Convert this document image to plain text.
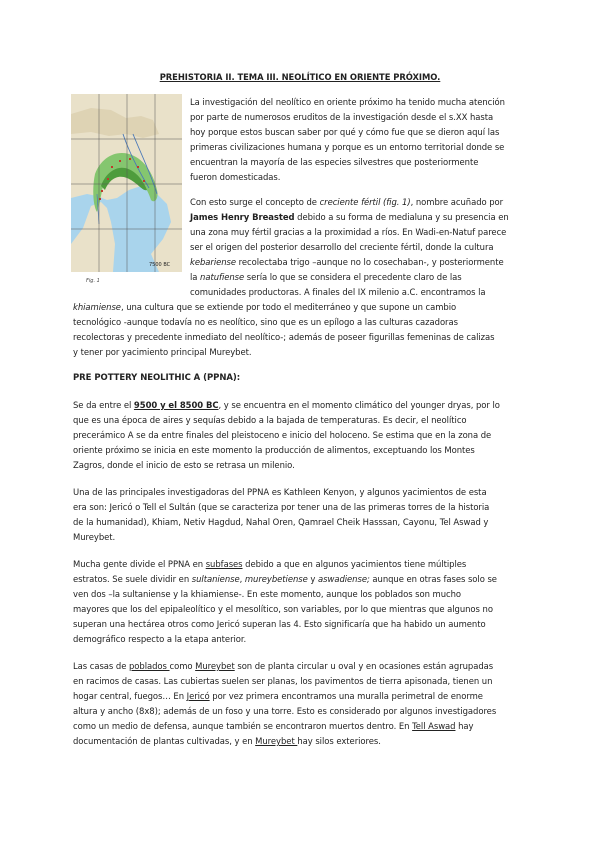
PREHISTORIA II. TEMA III. NEOLÍTICO EN ORIENTE PRÓXIMO.
7500 BC
Fig. 1
La investigación del neolítico en oriente próximo ha tenido mucha atención
por parte de numerosos eruditos de la investigación desde el s.XX hasta
hoy porque estos buscan saber por qué y cómo fue que se dieron aquí las
primeras civilizaciones humana y porque es un entorno territorial donde se
encuentran la mayoría de las especies silvestres que posteriormente
fueron domesticadas.
Con esto surge el concepto de creciente fértil (fig. 1), nombre acuñado por
James Henry Breasted debido a su forma de medialuna y su presencia en
una zona muy fértil gracias a la proximidad a ríos. En Wadi-en-Natuf parece
ser el origen del posterior desarrollo del creciente fértil, donde la cultura
kebariense recolectaba trigo –aunque no lo cosechaban-, y posteriormente
la natufiense sería lo que se considera el precedente claro de las
comunidades productoras. A finales del IX milenio a.C. encontramos la
khiamiense, una cultura que se extiende por todo el mediterráneo y que supone un cambio
tecnológico -aunque todavía no es neolítico, sino que es un epílogo a las culturas cazadoras
recolectoras y precedente inmediato del neolítico-; además de poseer figurillas femeninas de calizas
y tener por yacimiento principal Mureybet.
PRE POTTERY NEOLITHIC A (PPNA):
Se da entre el 9500 y el 8500 BC, y se encuentra en el momento climático del younger dryas, por lo
que es una época de aires y sequías debido a la bajada de temperaturas. Es decir, el neolítico
precerámico A se da entre finales del pleistoceno e inicio del holoceno. Se estima que en la zona de
oriente próximo se inicia en este momento la producción de alimentos, exceptuando los Montes
Zagros, donde el inicio de esto se retrasa un milenio.
Una de las principales investigadoras del PPNA es Kathleen Kenyon, y algunos yacimientos de esta
era son: Jericó o Tell el Sultán (que se caracteriza por tener una de las primeras torres de la historia
de la humanidad), Khiam, Netiv Hagdud, Nahal Oren, Qamrael Cheik Hasssan, Cayonu, Tel Aswad y
Mureybet.
Mucha gente divide el PPNA en subfases debido a que en algunos yacimientos tiene múltiples
estratos. Se suele dividir en sultaniense, mureybetiense y aswadiense; aunque en otras fases solo se
ven dos –la sultaniense y la khiamiense-. En este momento, aunque los poblados son mucho
mayores que los del epipaleolítico y el mesolítico, son variables, por lo que mientras que algunos no
superan una hectárea otros como Jericó superan las 4. Esto significaría que ha habido un aumento
demográfico respecto a la etapa anterior.
Las casas de poblados como Mureybet son de planta circular u oval y en ocasiones están agrupadas
en racimos de casas. Las cubiertas suelen ser planas, los pavimentos de tierra apisonada, tienen un
hogar central, fuegos… En Jericó por vez primera encontramos una muralla perimetral de enorme
altura y ancho (8x8); además de un foso y una torre. Esto es considerado por algunos investigadores
como un medio de defensa, aunque también se encontraron muertos dentro. En Tell Aswad hay
documentación de plantas cultivadas, y en Mureybet hay silos exteriores.
